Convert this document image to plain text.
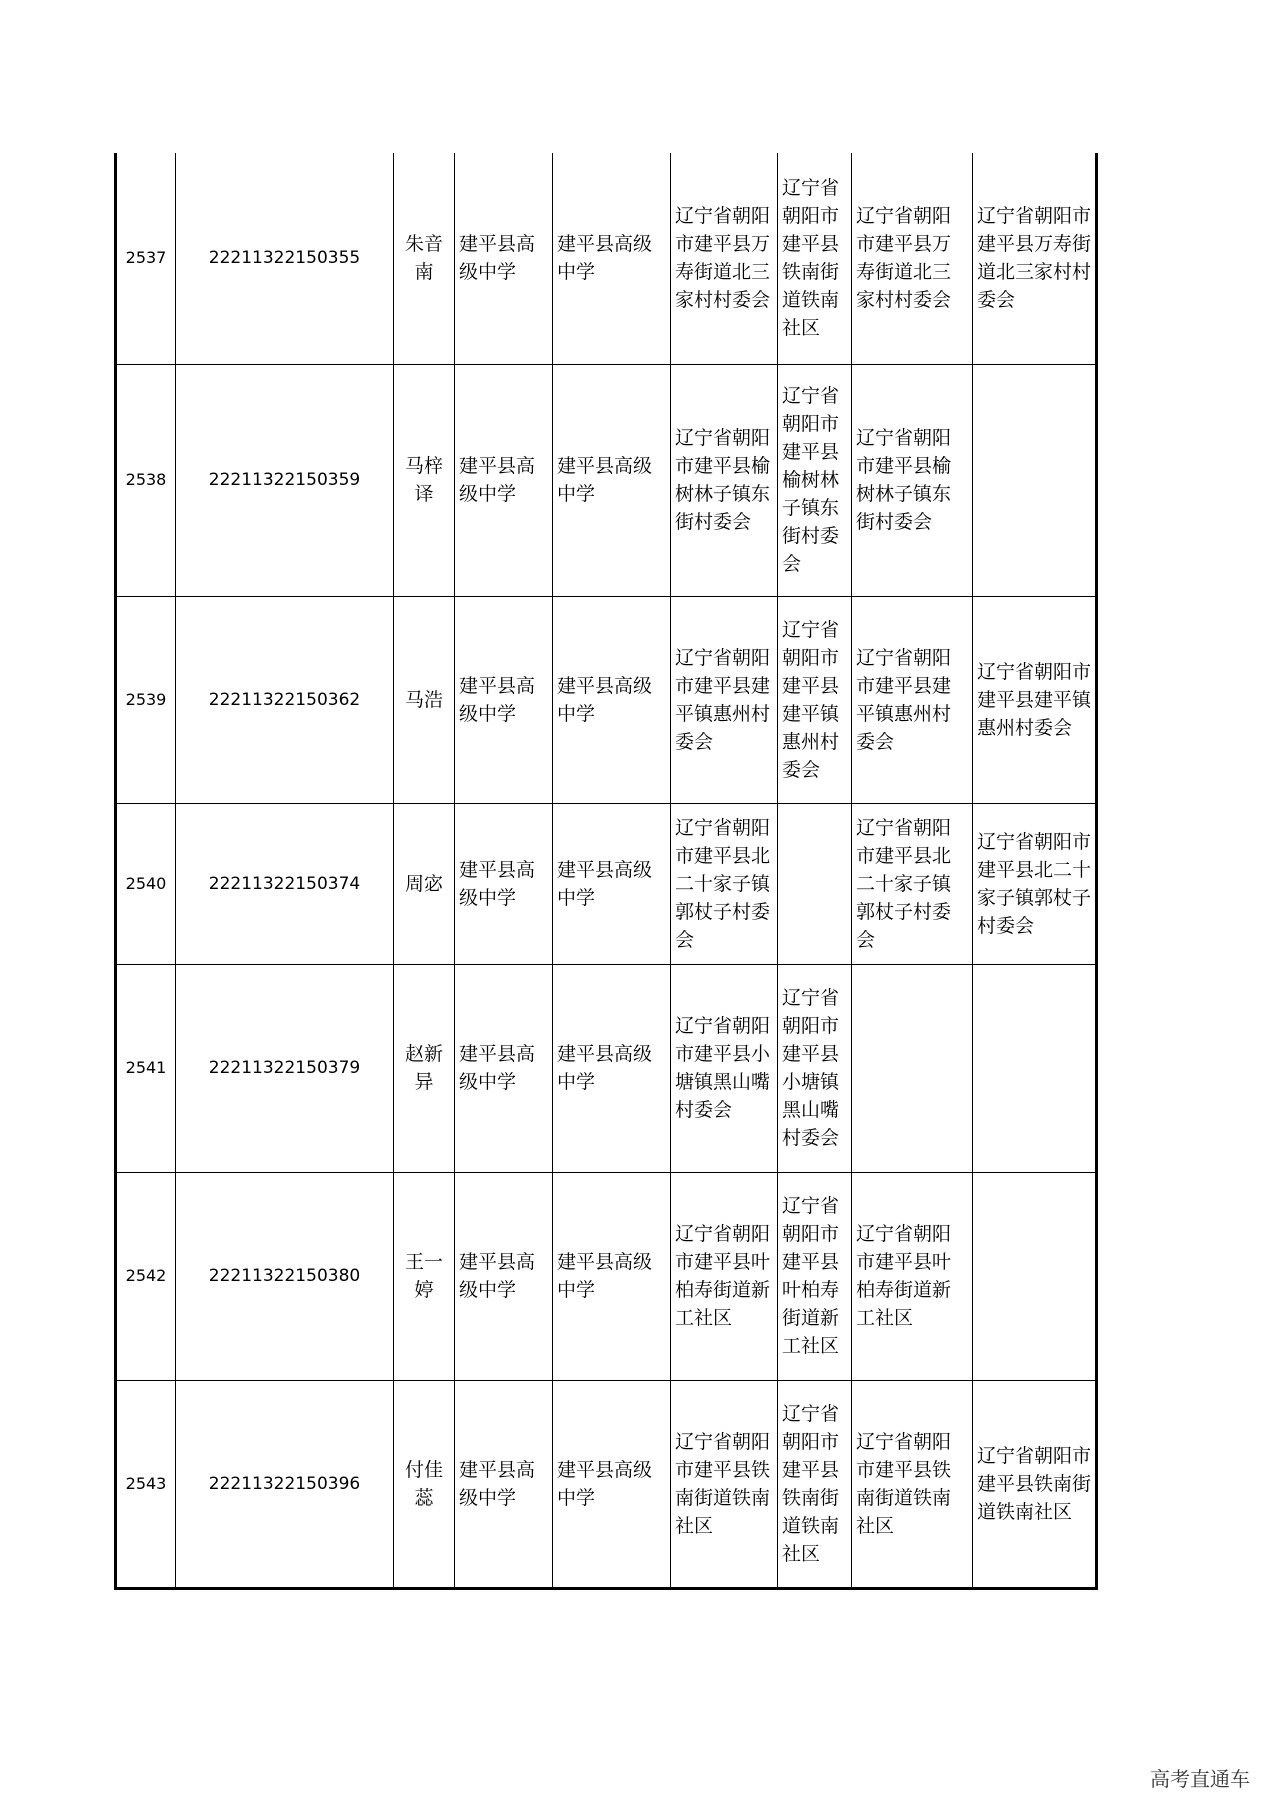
2537	22211322150355	朱音南	建平县高级中学	建平县高级中学	辽宁省朝阳市建平县万寿街道北三家村村委会	辽宁省朝阳市建平县铁南街道铁南社区	辽宁省朝阳市建平县万寿街道北三家村村委会	辽宁省朝阳市建平县万寿街道北三家村村委会
2538	22211322150359	马梓译	建平县高级中学	建平县高级中学	辽宁省朝阳市建平县榆树林子镇东街村委会	辽宁省朝阳市建平县榆树林子镇东街村委会	辽宁省朝阳市建平县榆树林子镇东街村委会	
2539	22211322150362	马浩	建平县高级中学	建平县高级中学	辽宁省朝阳市建平县建平镇惠州村委会	辽宁省朝阳市建平县建平镇惠州村委会	辽宁省朝阳市建平县建平镇惠州村委会	辽宁省朝阳市建平县建平镇惠州村委会
2540	22211322150374	周宓	建平县高级中学	建平县高级中学	辽宁省朝阳市建平县北二十家子镇郭杖子村委会		辽宁省朝阳市建平县北二十家子镇郭杖子村委会	辽宁省朝阳市建平县北二十家子镇郭杖子村委会
2541	22211322150379	赵新异	建平县高级中学	建平县高级中学	辽宁省朝阳市建平县小塘镇黑山嘴村委会	辽宁省朝阳市建平县小塘镇黑山嘴村委会		
2542	22211322150380	王一婷	建平县高级中学	建平县高级中学	辽宁省朝阳市建平县叶柏寿街道新工社区	辽宁省朝阳市建平县叶柏寿街道新工社区	辽宁省朝阳市建平县叶柏寿街道新工社区	
2543	22211322150396	付佳蕊	建平县高级中学	建平县高级中学	辽宁省朝阳市建平县铁南街道铁南社区	辽宁省朝阳市建平县铁南街道铁南社区	辽宁省朝阳市建平县铁南街道铁南社区	辽宁省朝阳市建平县铁南街道铁南社区
高考直通车
